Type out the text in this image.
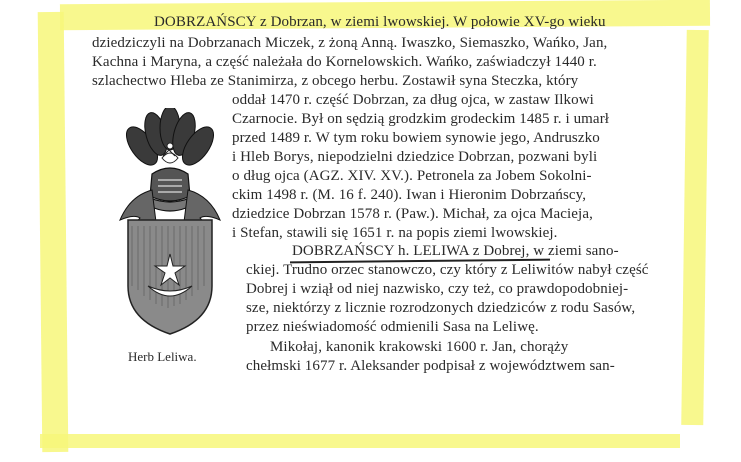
DOBRZAŃSCY z Dobrzan, w ziemi lwowskiej. W połowie XV-go wieku
dziedziczyli na Dobrzanach Miczek, z żoną Anną. Iwaszko, Siemaszko, Wańko, Jan,
Kachna i Maryna, a część należała do Kornelowskich. Wańko, zaświadczył 1440 r.
szlachectwo Hleba ze Stanimirza, z obcego herbu. Zostawił syna Steczka, który
oddał 1470 r. część Dobrzan, za dług ojca, w zastaw Ilkowi
Czarnocie. Był on sędzią grodzkim grodeckim 1485 r. i umarł
przed 1489 r. W tym roku bowiem synowie jego, Andruszko
i Hleb Borys, niepodzielni dziedzice Dobrzan, pozwani byli
o dług ojca (AGZ. XIV. XV.). Petronela za Jobem Sokolni-
ckim 1498 r. (M. 16 f. 240). Iwan i Hieronim Dobrzańscy,
dziedzice Dobrzan 1578 r. (Paw.). Michał, za ojca Macieja,
i Stefan, stawili się 1651 r. na popis ziemi lwowskiej.
DOBRZAŃSCY h. LELIWA z Dobrej, w ziemi sano-
ckiej. Trudno orzec stanowczo, czy który z Leliwitów nabył część
Dobrej i wziął od niej nazwisko, czy też, co prawdopodobniej-
sze, niektórzy z licznie rozrodzonych dziedziców z rodu Sasów,
przez nieświadomość odmienili Sasa na Leliwę.
Mikołaj, kanonik krakowski 1600 r. Jan, chorąży
chełmski 1677 r. Aleksander podpisał z województwem san-
Herb Leliwa.
